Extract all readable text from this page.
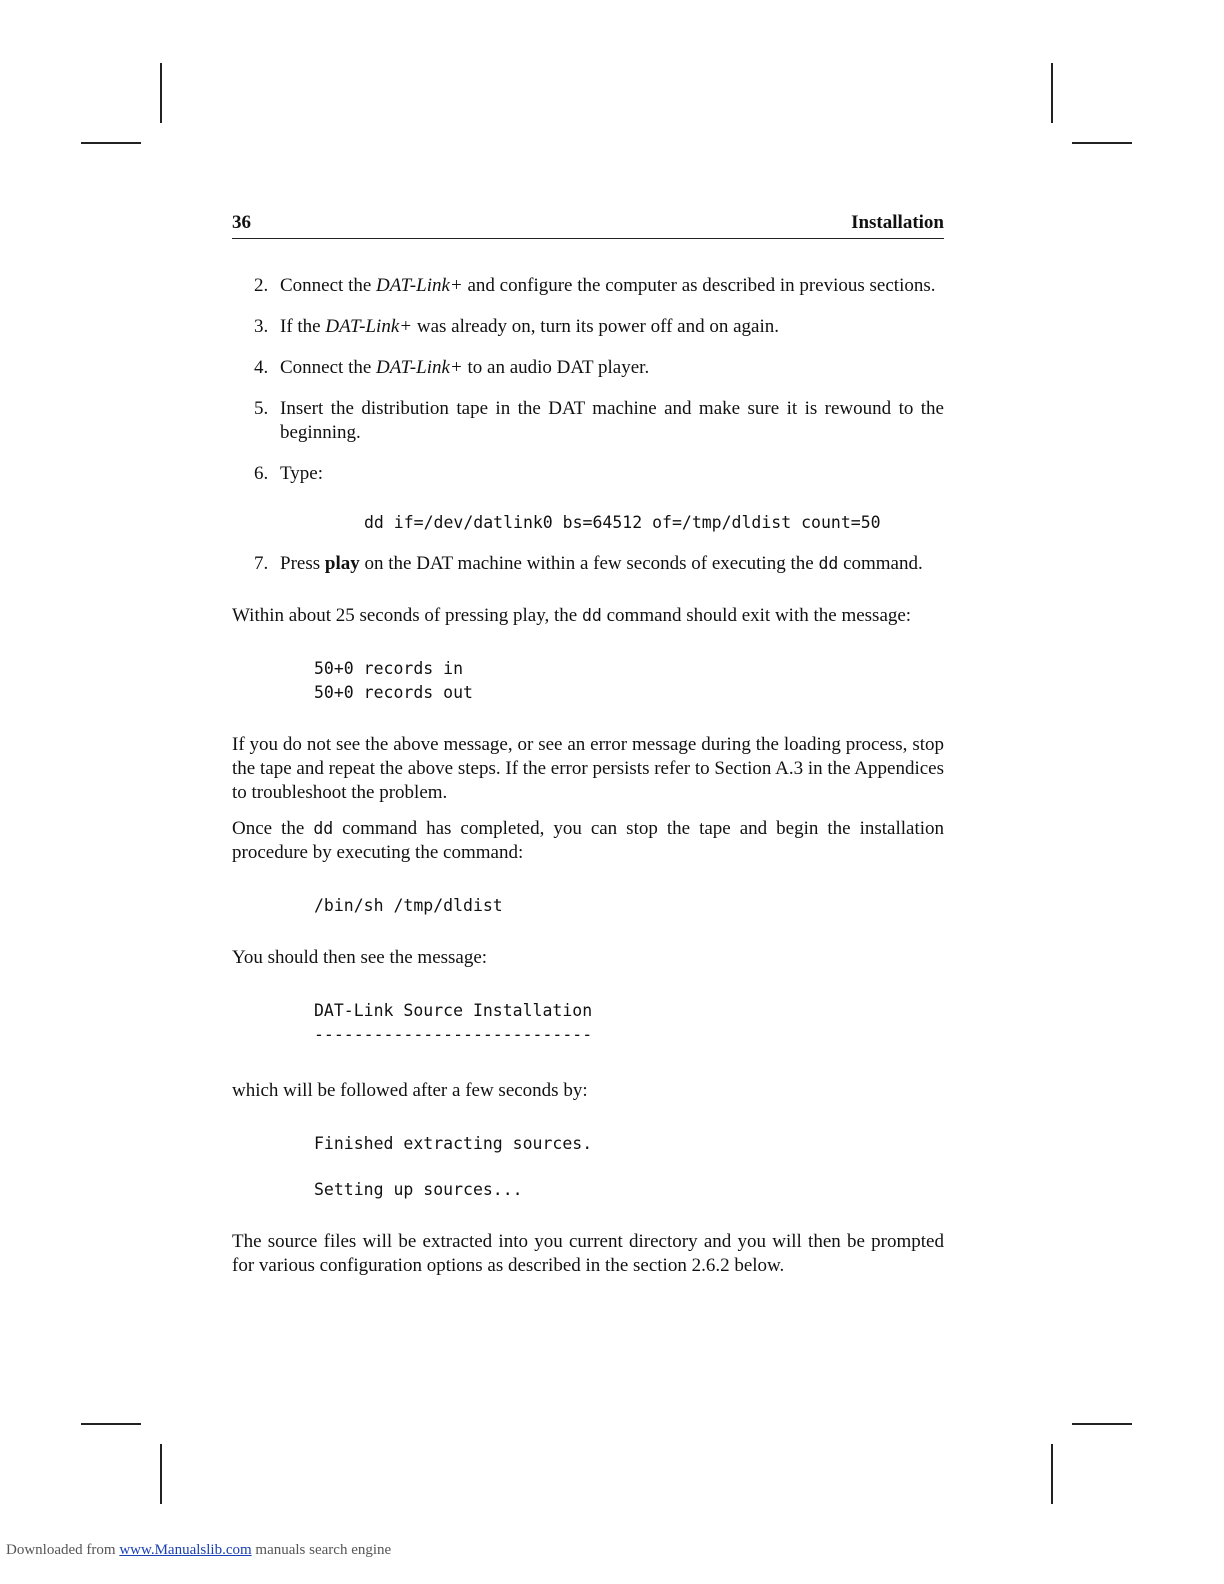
36	Installation
2. Connect the DAT-Link+ and configure the computer as described in previous sections.
3. If the DAT-Link+ was already on, turn its power off and on again.
4. Connect the DAT-Link+ to an audio DAT player.
5. Insert the distribution tape in the DAT machine and make sure it is rewound to the beginning.
6. Type:
dd if=/dev/datlink0 bs=64512 of=/tmp/dldist count=50
7. Press play on the DAT machine within a few seconds of executing the dd command.

Within about 25 seconds of pressing play, the dd command should exit with the message:

50+0 records in
50+0 records out

If you do not see the above message, or see an error message during the loading process, stop the tape and repeat the above steps. If the error persists refer to Section A.3 in the Appendices to troubleshoot the problem.

Once the dd command has completed, you can stop the tape and begin the installation procedure by executing the command:

/bin/sh /tmp/dldist

You should then see the message:

DAT-Link Source Installation
----------------------------

which will be followed after a few seconds by:

Finished extracting sources.
Setting up sources...

The source files will be extracted into you current directory and you will then be prompted for various configuration options as described in the section 2.6.2 below.

Downloaded from www.Manualslib.com manuals search engine
